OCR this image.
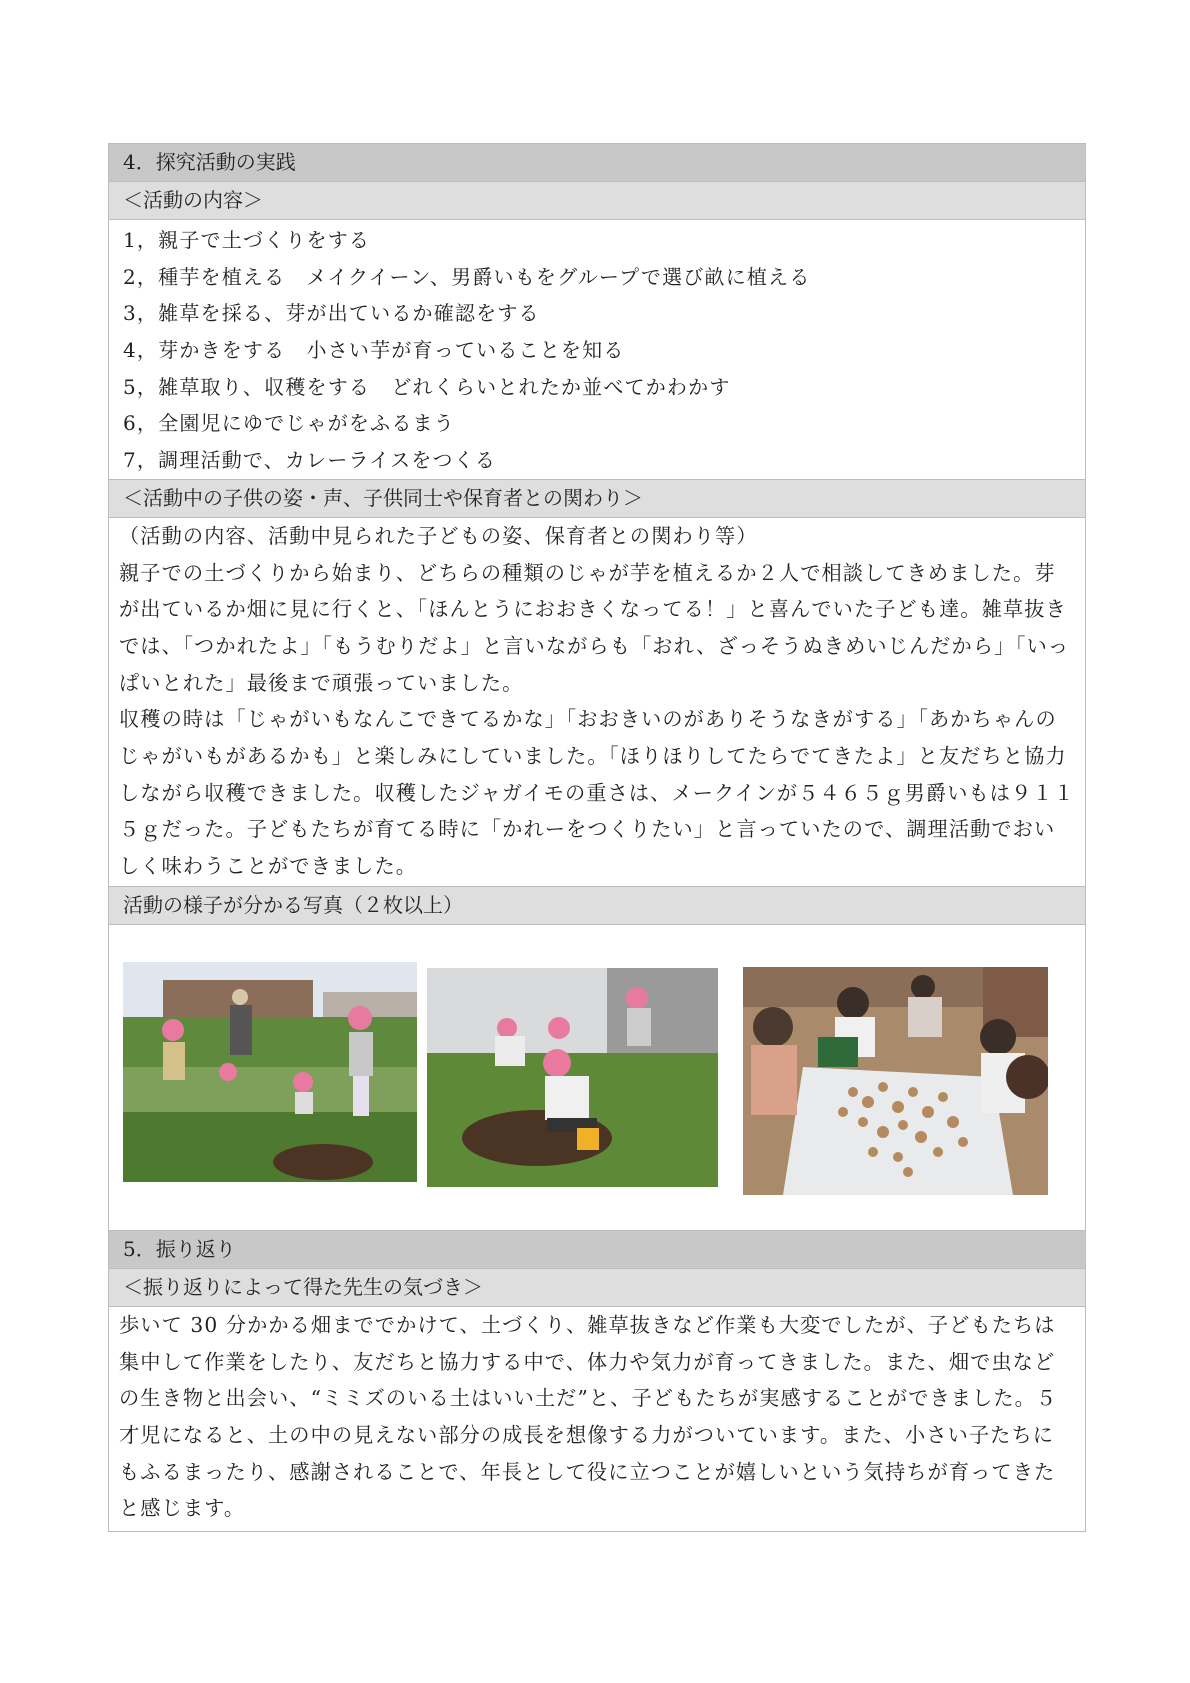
4．探究活動の実践
＜活動の内容＞
1，親子で土づくりをする
2，種芋を植える　メイクイーン、男爵いもをグループで選び畝に植える
3，雑草を採る、芽が出ているか確認をする
4，芽かきをする　小さい芋が育っていることを知る
5，雑草取り、収穫をする　どれくらいとれたか並べてかわかす
6，全園児にゆでじゃがをふるまう
7，調理活動で、カレーライスをつくる
＜活動中の子供の姿・声、子供同士や保育者との関わり＞

（活動の内容、活動中見られた子どもの姿、保育者との関わり等）

親子での土づくりから始まり、どちらの種類のじゃが芋を植えるか２人で相談してきめました。芽が出ているか畑に見に行くと、「ほんとうにおおきくなってる！」と喜んでいた子ども達。雑草抜きでは、「つかれたよ」「もうむりだよ」と言いながらも「おれ、ざっそうぬきめいじんだから」「いっぱいとれた」最後まで頑張っていました。

収穫の時は「じゃがいもなんこできてるかな」「おおきいのがありそうなきがする」「あかちゃんのじゃがいもがあるかも」と楽しみにしていました。「ほりほりしてたらでてきたよ」と友だちと協力しながら収穫できました。収穫したジャガイモの重さは、メークインが５４６５ｇ男爵いもは９１１５ｇだった。子どもたちが育てる時に「かれーをつくりたい」と言っていたので、調理活動でおいしく味わうことができました。

活動の様子が分かる写真（２枚以上）
5．振り返り
＜振り返りによって得た先生の気づき＞

歩いて 30 分かかる畑まででかけて、土づくり、雑草抜きなど作業も大変でしたが、子どもたちは集中して作業をしたり、友だちと協力する中で、体力や気力が育ってきました。また、畑で虫などの生き物と出会い、“ミミズのいる土はいい土だ”と、子どもたちが実感することができました。５才児になると、土の中の見えない部分の成長を想像する力がついています。また、小さい子たちにもふるまったり、感謝されることで、年長として役に立つことが嬉しいという気持ちが育ってきたと感じます。
